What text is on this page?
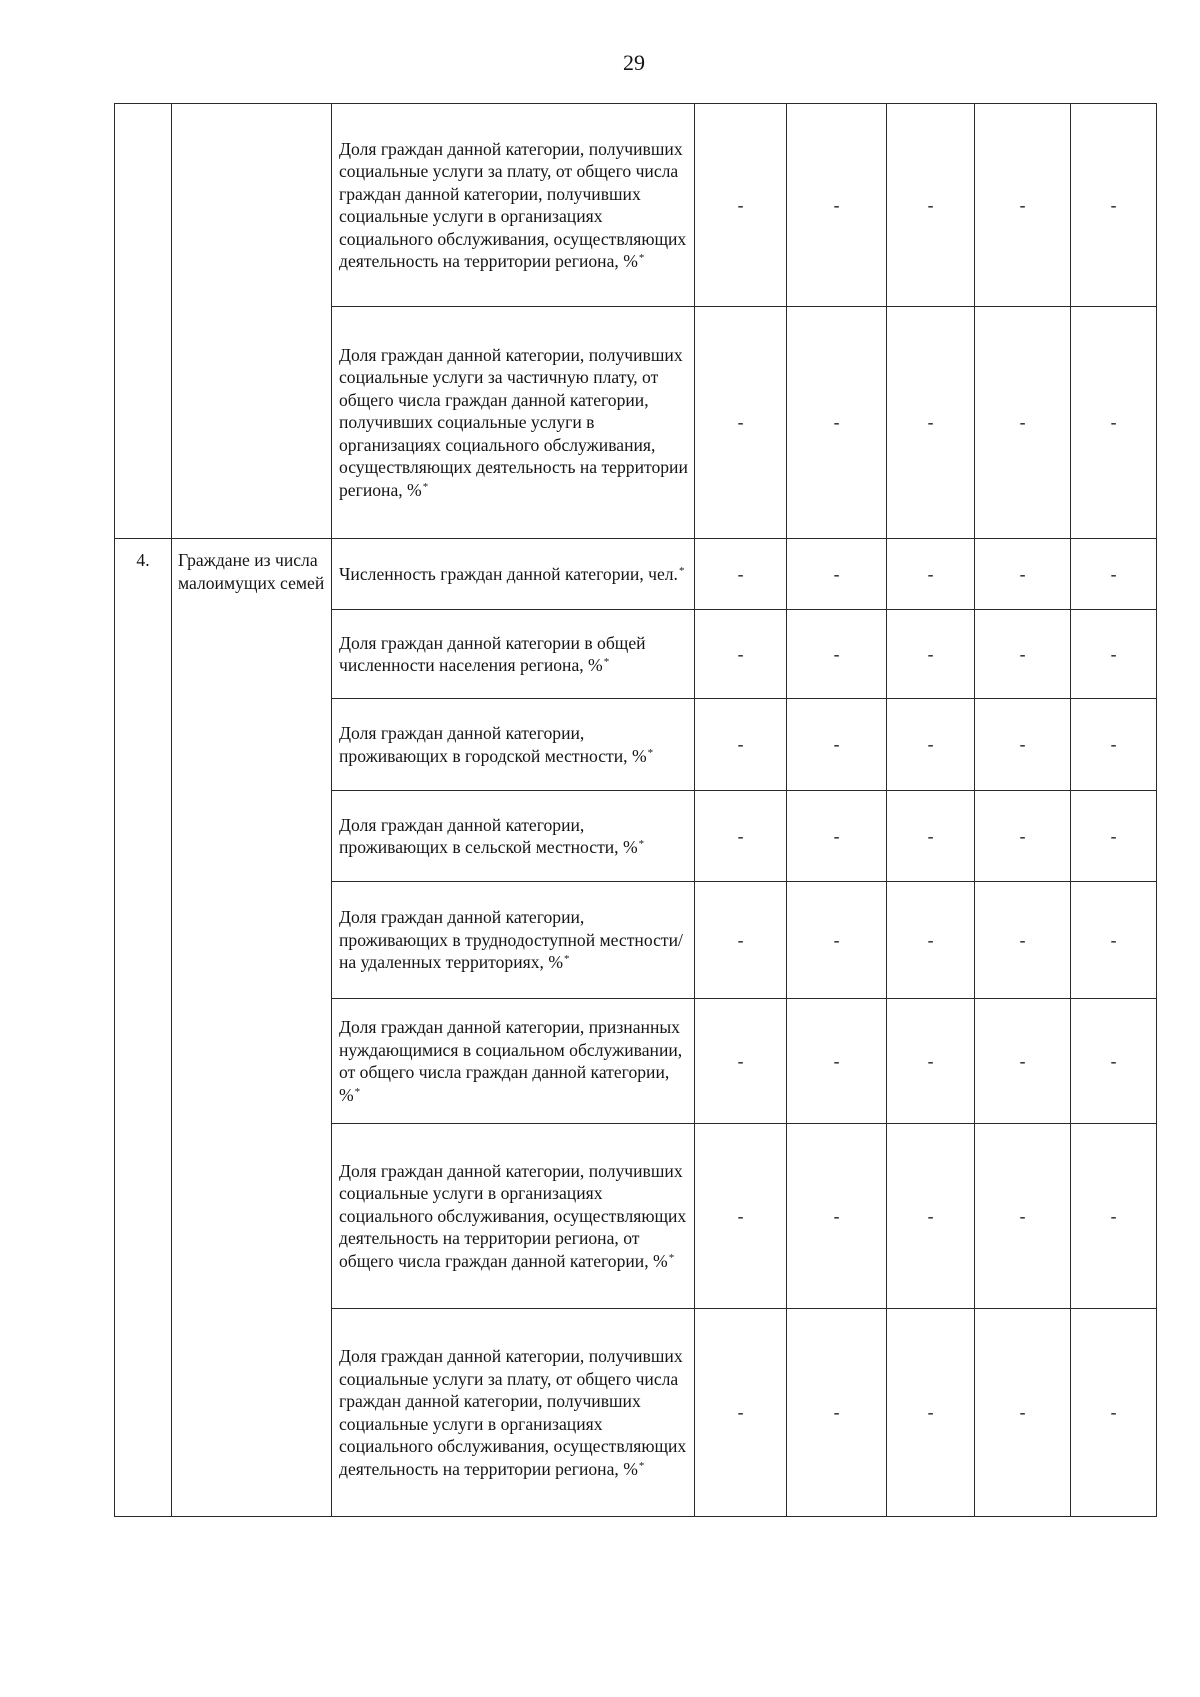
29
		Доля граждан данной категории, получивших социальные услуги за плату, от общего числа граждан данной категории, получивших социальные услуги в организациях социального обслуживания, осуществляющих деятельность на территории региона, %*	-	-	-	-	-
		Доля граждан данной категории, получивших социальные услуги за частичную плату, от общего числа граждан данной категории, получивших социальные услуги в организациях социального обслуживания, осуществляющих деятельность на территории региона, %*	-	-	-	-	-
4.	Граждане из числа малоимущих семей	Численность граждан данной категории, чел.*	-	-	-	-	-
		Доля граждан данной категории в общей численности населения региона, %*	-	-	-	-	-
		Доля граждан данной категории, проживающих в городской местности, %*	-	-	-	-	-
		Доля граждан данной категории, проживающих в сельской местности, %*	-	-	-	-	-
		Доля граждан данной категории, проживающих в труднодоступной местности/на удаленных территориях, %*	-	-	-	-	-
		Доля граждан данной категории, признанных нуждающимися в социальном обслуживании, от общего числа граждан данной категории, %*	-	-	-	-	-
		Доля граждан данной категории, получивших социальные услуги в организациях социального обслуживания, осуществляющих деятельность на территории региона, от общего числа граждан данной категории, %*	-	-	-	-	-
		Доля граждан данной категории, получивших социальные услуги за плату, от общего числа граждан данной категории, получивших социальные услуги в организациях социального обслуживания, осуществляющих деятельность на территории региона, %*	-	-	-	-	-
